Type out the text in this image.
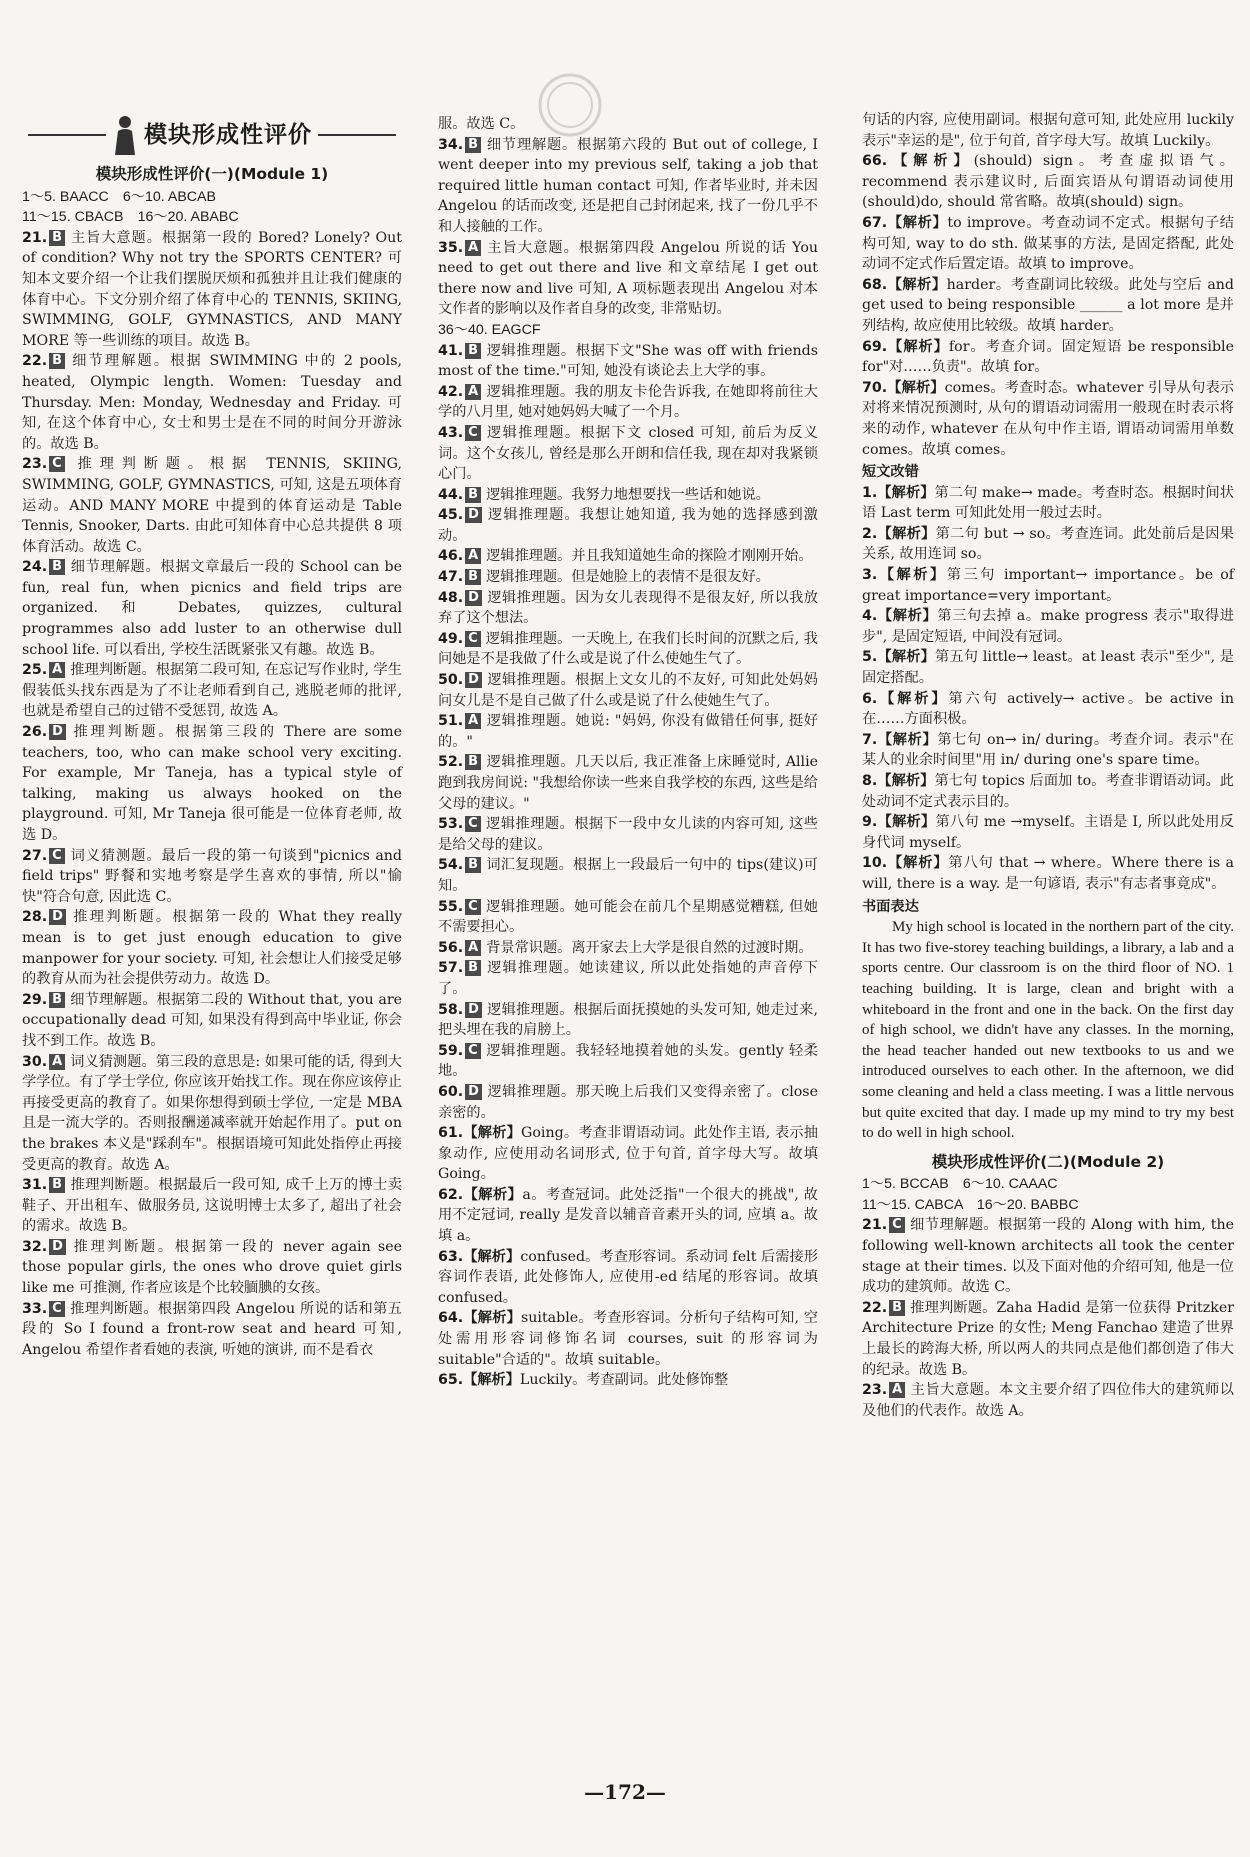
模块形成性评价
模块形成性评价(一)(Module 1)
1～5. BAACC　6～10. ABCAB
11～15. CBACB　16～20. ABABC
21. B 主旨大意题。根据第一段的 Bored? Lonely? Out of condition? Why not try the SPORTS CENTER? 可知本文要介绍一个让我们摆脱厌烦和孤独并且让我们健康的体育中心。下文分别介绍了体育中心的 TENNIS, SKIING, SWIMMING, GOLF, GYMNASTICS, AND MANY MORE 等一些训练的项目。故选 B。
22. B 细节理解题。根据 SWIMMING 中的 2 pools, heated, Olympic length. Women: Tuesday and Thursday. Men: Monday, Wednesday and Friday. 可知, 在这个体育中心, 女士和男士是在不同的时间分开游泳的。故选 B。
23. C 推理判断题。根据 TENNIS, SKIING, SWIMMING, GOLF, GYMNASTICS, 可知, 这是五项体育运动。AND MANY MORE 中提到的体育运动是 Table Tennis, Snooker, Darts. 由此可知体育中心总共提供 8 项体育活动。故选 C。
24. B 细节理解题。根据文章最后一段的 School can be fun, real fun, when picnics and field trips are organized. 和 Debates, quizzes, cultural programmes also add luster to an otherwise dull school life. 可以看出, 学校生活既紧张又有趣。故选 B。
25. A 推理判断题。根据第二段可知, 在忘记写作业时, 学生假装低头找东西是为了不让老师看到自己, 逃脱老师的批评, 也就是希望自己的过错不受惩罚, 故选 A。
26. D 推理判断题。根据第三段的 There are some teachers, too, who can make school very exciting. For example, Mr Taneja, has a typical style of talking, making us always hooked on the playground. 可知, Mr Taneja 很可能是一位体育老师, 故选 D。
27. C 词义猜测题。最后一段的第一句谈到"picnics and field trips" 野餐和实地考察是学生喜欢的事情, 所以"愉快"符合句意, 因此选 C。
28. D 推理判断题。根据第一段的 What they really mean is to get just enough education to give manpower for your society. 可知, 社会想让人们接受足够的教育从而为社会提供劳动力。故选 D。
29. B 细节理解题。根据第二段的 Without that, you are occupationally dead 可知, 如果没有得到高中毕业证, 你会找不到工作。故选 B。
30. A 词义猜测题。第三段的意思是: 如果可能的话, 得到大学学位。有了学士学位, 你应该开始找工作。现在你应该停止再接受更高的教育了。如果你想得到硕士学位, 一定是 MBA 且是一流大学的。否则报酬递减率就开始起作用了。put on the brakes 本义是"踩刹车"。根据语境可知此处指停止再接受更高的教育。故选 A。
31. B 推理判断题。根据最后一段可知, 成千上万的博士卖鞋子、开出租车、做服务员, 这说明博士太多了, 超出了社会的需求。故选 B。
32. D 推理判断题。根据第一段的 never again see those popular girls, the ones who drove quiet girls like me 可推测, 作者应该是个比较腼腆的女孩。
33. C 推理判断题。根据第四段 Angelou 所说的话和第五段的 So I found a front-row seat and heard 可知, Angelou 希望作者看她的表演, 听她的演讲, 而不是看衣
服。故选 C。
34. B 细节理解题。根据第六段的 But out of college, I went deeper into my previous self, taking a job that required little human contact 可知, 作者毕业时, 并未因 Angelou 的话而改变, 还是把自己封闭起来, 找了一份几乎不和人接触的工作。
35. A 主旨大意题。根据第四段 Angelou 所说的话 You need to get out there and live 和文章结尾 I get out there now and live 可知, A 项标题表现出 Angelou 对本文作者的影响以及作者自身的改变, 非常贴切。
36～40. EAGCF
41. B 逻辑推理题。根据下文"She was off with friends most of the time."可知, 她没有谈论去上大学的事。
42. A 逻辑推理题。我的朋友卡伦告诉我, 在她即将前往大学的八月里, 她对她妈妈大喊了一个月。
43. C 逻辑推理题。根据下文 closed 可知, 前后为反义词。这个女孩儿, 曾经是那么开朗和信任我, 现在却对我紧锁心门。
44. B 逻辑推理题。我努力地想要找一些话和她说。
45. D 逻辑推理题。我想让她知道, 我为她的选择感到激动。
46. A 逻辑推理题。并且我知道她生命的探险才刚刚开始。
47. B 逻辑推理题。但是她脸上的表情不是很友好。
48. D 逻辑推理题。因为女儿表现得不是很友好, 所以我放弃了这个想法。
49. C 逻辑推理题。一天晚上, 在我们长时间的沉默之后, 我问她是不是我做了什么或是说了什么使她生气了。
50. D 逻辑推理题。根据上文女儿的不友好, 可知此处妈妈问女儿是不是自己做了什么或是说了什么使她生气了。
51. A 逻辑推理题。她说: "妈妈, 你没有做错任何事, 挺好的。"
52. B 逻辑推理题。几天以后, 我正准备上床睡觉时, Allie 跑到我房间说: "我想给你读一些来自我学校的东西, 这些是给父母的建议。"
53. C 逻辑推理题。根据下一段中女儿读的内容可知, 这些是给父母的建议。
54. B 词汇复现题。根据上一段最后一句中的 tips(建议)可知。
55. C 逻辑推理题。她可能会在前几个星期感觉糟糕, 但她不需要担心。
56. A 背景常识题。离开家去上大学是很自然的过渡时期。
57. B 逻辑推理题。她读建议, 所以此处指她的声音停下了。
58. D 逻辑推理题。根据后面抚摸她的头发可知, 她走过来, 把头埋在我的肩膀上。
59. C 逻辑推理题。我轻轻地摸着她的头发。gently 轻柔地。
60. D 逻辑推理题。那天晚上后我们又变得亲密了。close 亲密的。
61.【解析】Going。考查非谓语动词。此处作主语, 表示抽象动作, 应使用动名词形式, 位于句首, 首字母大写。故填 Going。
62.【解析】a。考查冠词。此处泛指"一个很大的挑战", 故用不定冠词, really 是发音以辅音音素开头的词, 应填 a。故填 a。
63.【解析】confused。考查形容词。系动词 felt 后需接形容词作表语, 此处修饰人, 应使用-ed 结尾的形容词。故填 confused。
64.【解析】suitable。考查形容词。分析句子结构可知, 空处需用形容词修饰名词 courses, suit 的形容词为 suitable"合适的"。故填 suitable。
65.【解析】Luckily。考查副词。此处修饰整
句话的内容, 应使用副词。根据句意可知, 此处应用 luckily 表示"幸运的是", 位于句首, 首字母大写。故填 Luckily。
66.【解析】(should) sign。考查虚拟语气。recommend 表示建议时, 后面宾语从句谓语动词使用(should)do, should 常省略。故填(should) sign。
67.【解析】to improve。考查动词不定式。根据句子结构可知, way to do sth. 做某事的方法, 是固定搭配, 此处动词不定式作后置定语。故填 to improve。
68.【解析】harder。考查副词比较级。此处与空后 and get used to being responsible ______ a lot more 是并列结构, 故应使用比较级。故填 harder。
69.【解析】for。考查介词。固定短语 be responsible for"对……负责"。故填 for。
70.【解析】comes。考查时态。whatever 引导从句表示对将来情况预测时, 从句的谓语动词需用一般现在时表示将来的动作, whatever 在从句中作主语, 谓语动词需用单数 comes。故填 comes。
短文改错
1.【解析】第二句 make→ made。考查时态。根据时间状语 Last term 可知此处用一般过去时。
2.【解析】第二句 but → so。考查连词。此处前后是因果关系, 故用连词 so。
3.【解析】第三句 important→ importance。be of great importance=very important。
4.【解析】第三句去掉 a。make progress 表示"取得进步", 是固定短语, 中间没有冠词。
5.【解析】第五句 little→ least。at least 表示"至少", 是固定搭配。
6.【解析】第六句 actively→ active。be active in 在……方面积极。
7.【解析】第七句 on→ in/ during。考查介词。表示"在某人的业余时间里"用 in/ during one's spare time。
8.【解析】第七句 topics 后面加 to。考查非谓语动词。此处动词不定式表示目的。
9.【解析】第八句 me →myself。主语是 I, 所以此处用反身代词 myself。
10.【解析】第八句 that → where。Where there is a will, there is a way. 是一句谚语, 表示"有志者事竟成"。
书面表达
My high school is located in the northern part of the city. It has two five-storey teaching buildings, a library, a lab and a sports centre. Our classroom is on the third floor of NO. 1 teaching building. It is large, clean and bright with a whiteboard in the front and one in the back. On the first day of high school, we didn't have any classes. In the morning, the head teacher handed out new textbooks to us and we introduced ourselves to each other. In the afternoon, we did some cleaning and held a class meeting. I was a little nervous but quite excited that day. I made up my mind to try my best to do well in high school.
模块形成性评价(二)(Module 2)
1～5. BCCAB　6～10. CAAAC
11～15. CABCA　16～20. BABBC
21. C 细节理解题。根据第一段的 Along with him, the following well-known architects all took the center stage at their times. 以及下面对他的介绍可知, 他是一位成功的建筑师。故选 C。
22. B 推理判断题。Zaha Hadid 是第一位获得 Pritzker Architecture Prize 的女性; Meng Fanchao 建造了世界上最长的跨海大桥, 所以两人的共同点是他们都创造了伟大的纪录。故选 B。
23. A 主旨大意题。本文主要介绍了四位伟大的建筑师以及他们的代表作。故选 A。
—172—
